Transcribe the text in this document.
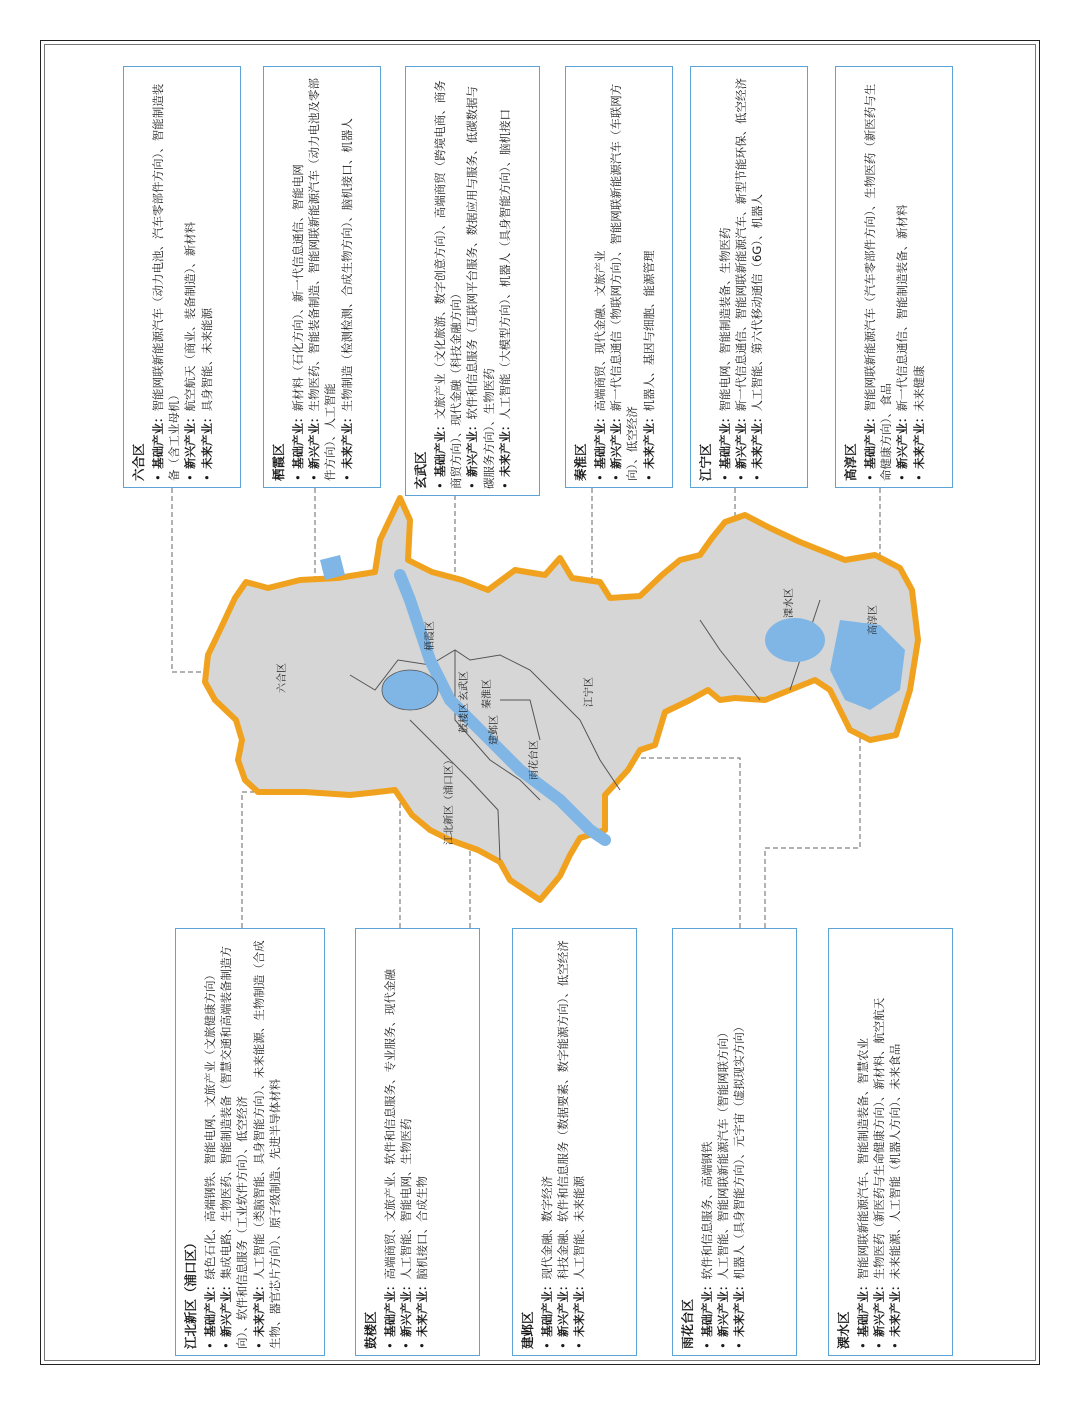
六合区
栖霞区
玄武区 秦淮区
鼓楼区 建邺区
雨花台区
江北新区（浦口区）
江宁区
溧水区
高淳区
六合区 •基础产业：智能网联新能源汽车（动力电池、汽车零部件方向）、智能制造装备（含工业母机） •新兴产业：航空航天（商业、装备制造）、新材料
•未来产业：具身智能、未来能源
栖霞区 •基础产业：新材料（石化方向）、新一代信息通信、智能电网
•新兴产业：生物医药、智能装备制造、智能网联新能源汽车（动力电池及零部件方向）、人工智能 •未来产业：生物制造（检测检测、合成生物方向）、脑机接口、机器人
玄武区 •基础产业：文旅产业（文化旅游、数字创意方向）、高端商贸（跨境电商、商务商贸方向）、现代金融（科技金融方向） •新兴产业：软件和信息服务（互联网平台服务、数据应用与服务、低碳数据与碳服务方向）、生物医药 •未来产业：人工智能（大模型方向）、机器人（具身智能方向）、脑机接口
秦淮区 •基础产业：高端商贸、现代金融、文旅产业
•新兴产业：新一代信息通信（物联网方向）、智能网联新能源汽车（车联网方向）、低空经济 •未来产业：机器人、基因与细胞、能源管理
江宁区 •基础产业：智能电网、智能制造装备、生物医药
•新兴产业：新一代信息通信、智能网联新能源汽车、新型节能环保、低空经济
•未来产业：人工智能、第六代移动通信（6G）、机器人
高淳区 •基础产业：智能网联新能源汽车（汽车零部件方向）、生物医药（新医药与生命健康方向）、食品 •新兴产业：新一代信息通信、智能制造装备、新材料
•未来产业：未来健康
江北新区（浦口区） •基础产业：绿色石化、高端钢铁、智能电网、文旅产业（文旅健康方向）
•新兴产业：集成电路、生物医药、智能制造装备（智慧交通和高端装备制造方向）、软件和信息服务（工业软件方向）、低空经济 •未来产业：人工智能（类脑智能、具身智能方向）、未来能源、生物制造（合成生物、器官芯片方向）、原子级制造、先进半导体材料	鼓楼区 •基础产业：高端商贸、文旅产业、软件和信息服务、专业服务、现代金融
•新兴产业：人工智能、智能电网、生物医药
•未来产业：脑机接口、合成生物
建邺区 •基础产业：现代金融、数字经济
•新兴产业：科技金融、软件和信息服务（数据要素、数字能源方向）、低空经济
•未来产业：人工智能、未来能源
雨花台区 •基础产业：软件和信息服务、高端钢铁
•新兴产业：人工智能、智能网联新能源汽车（智能网联方向）
•未来产业：机器人（具身智能方向）、元宇宙（虚拟现实方向）
溧水区 •基础产业：智能网联新能源汽车、智能制造装备、智慧农业
•新兴产业：生物医药（新医药与生命健康方向）、新材料、航空航天
•未来产业：未来能源、人工智能（机器人方向）、未来食品
